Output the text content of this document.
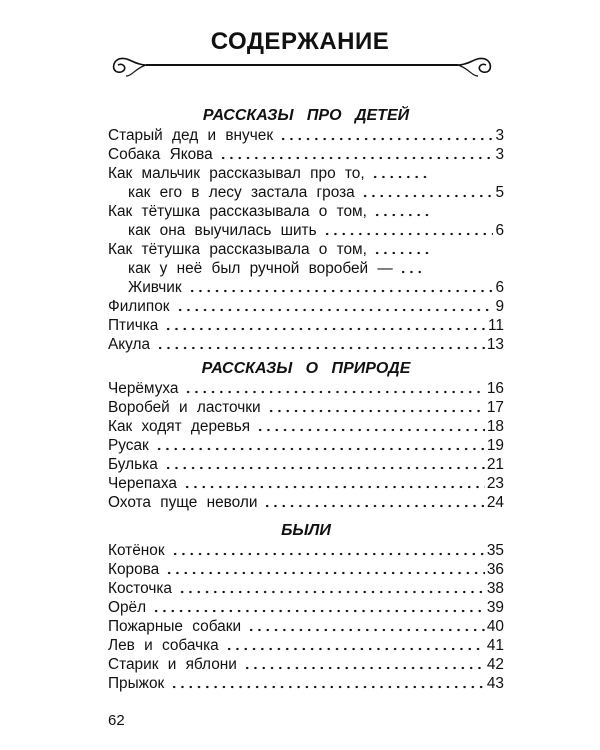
СОДЕРЖАНИЕ
РАССКАЗЫ ПРО ДЕТЕЙ
Старый дед и внучек	3
Собака Якова	3
Как мальчик рассказывал про то,
как его в лесу застала гроза	5
Как тётушка рассказывала о том,
как она выучилась шить	6
Как тётушка рассказывала о том,
как у неё был ручной воробей —
Живчик	6
Филипок	9
Птичка	11
Акула	13
РАССКАЗЫ О ПРИРОДЕ
Черёмуха	16
Воробей и ласточки	17
Как ходят деревья	18
Русак	19
Булька	21
Черепаха	23
Охота пуще неволи	24
БЫЛИ
Котёнок	35
Корова	36
Косточка	38
Орёл	39
Пожарные собаки	40
Лев и собачка	41
Старик и яблони	42
Прыжок	43
62
